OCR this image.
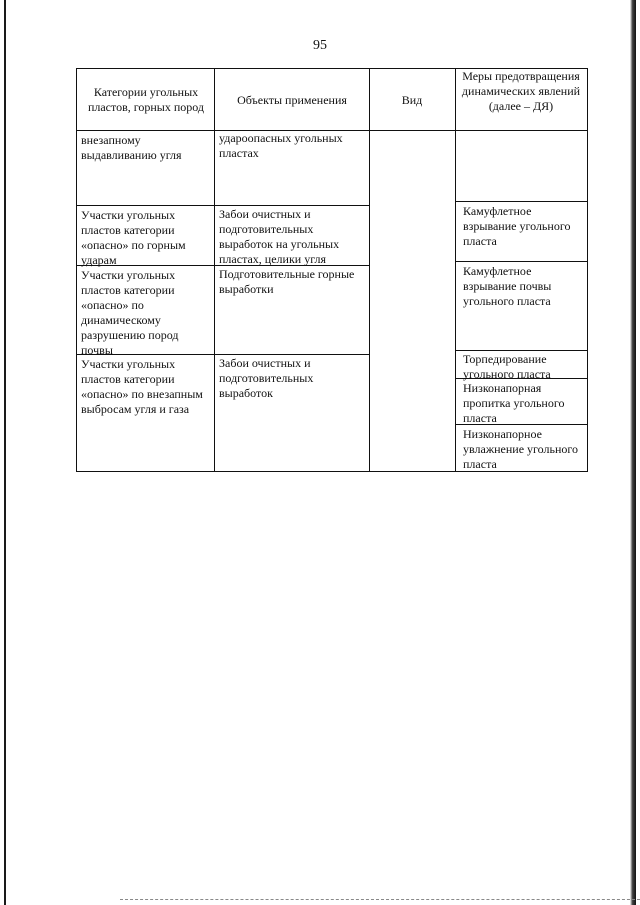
95
Категории угольных пластов, горных пород	Объекты применения	Вид
Меры предотвращения динамических явлений (далее – ДЯ)
внезапному выдавливанию угля
удароопасных угольных пластах
Участки угольных пластов категории «опасно» по горным ударам
Забои очистных и подготовительных выработок на угольных пластах, целики угля
Камуфлетное взрывание угольного пласта
Участки угольных пластов категории «опасно» по динамическому разрушению пород почвы
Подготовительные горные выработки
Камуфлетное взрывание почвы угольного пласта
Участки угольных пластов категории «опасно» по внезапным выбросам угля и газа
Забои очистных и подготовительных выработок
Торпедирование угольного пласта
Низконапорная пропитка угольного пласта
Низконапорное увлажнение угольного пласта
